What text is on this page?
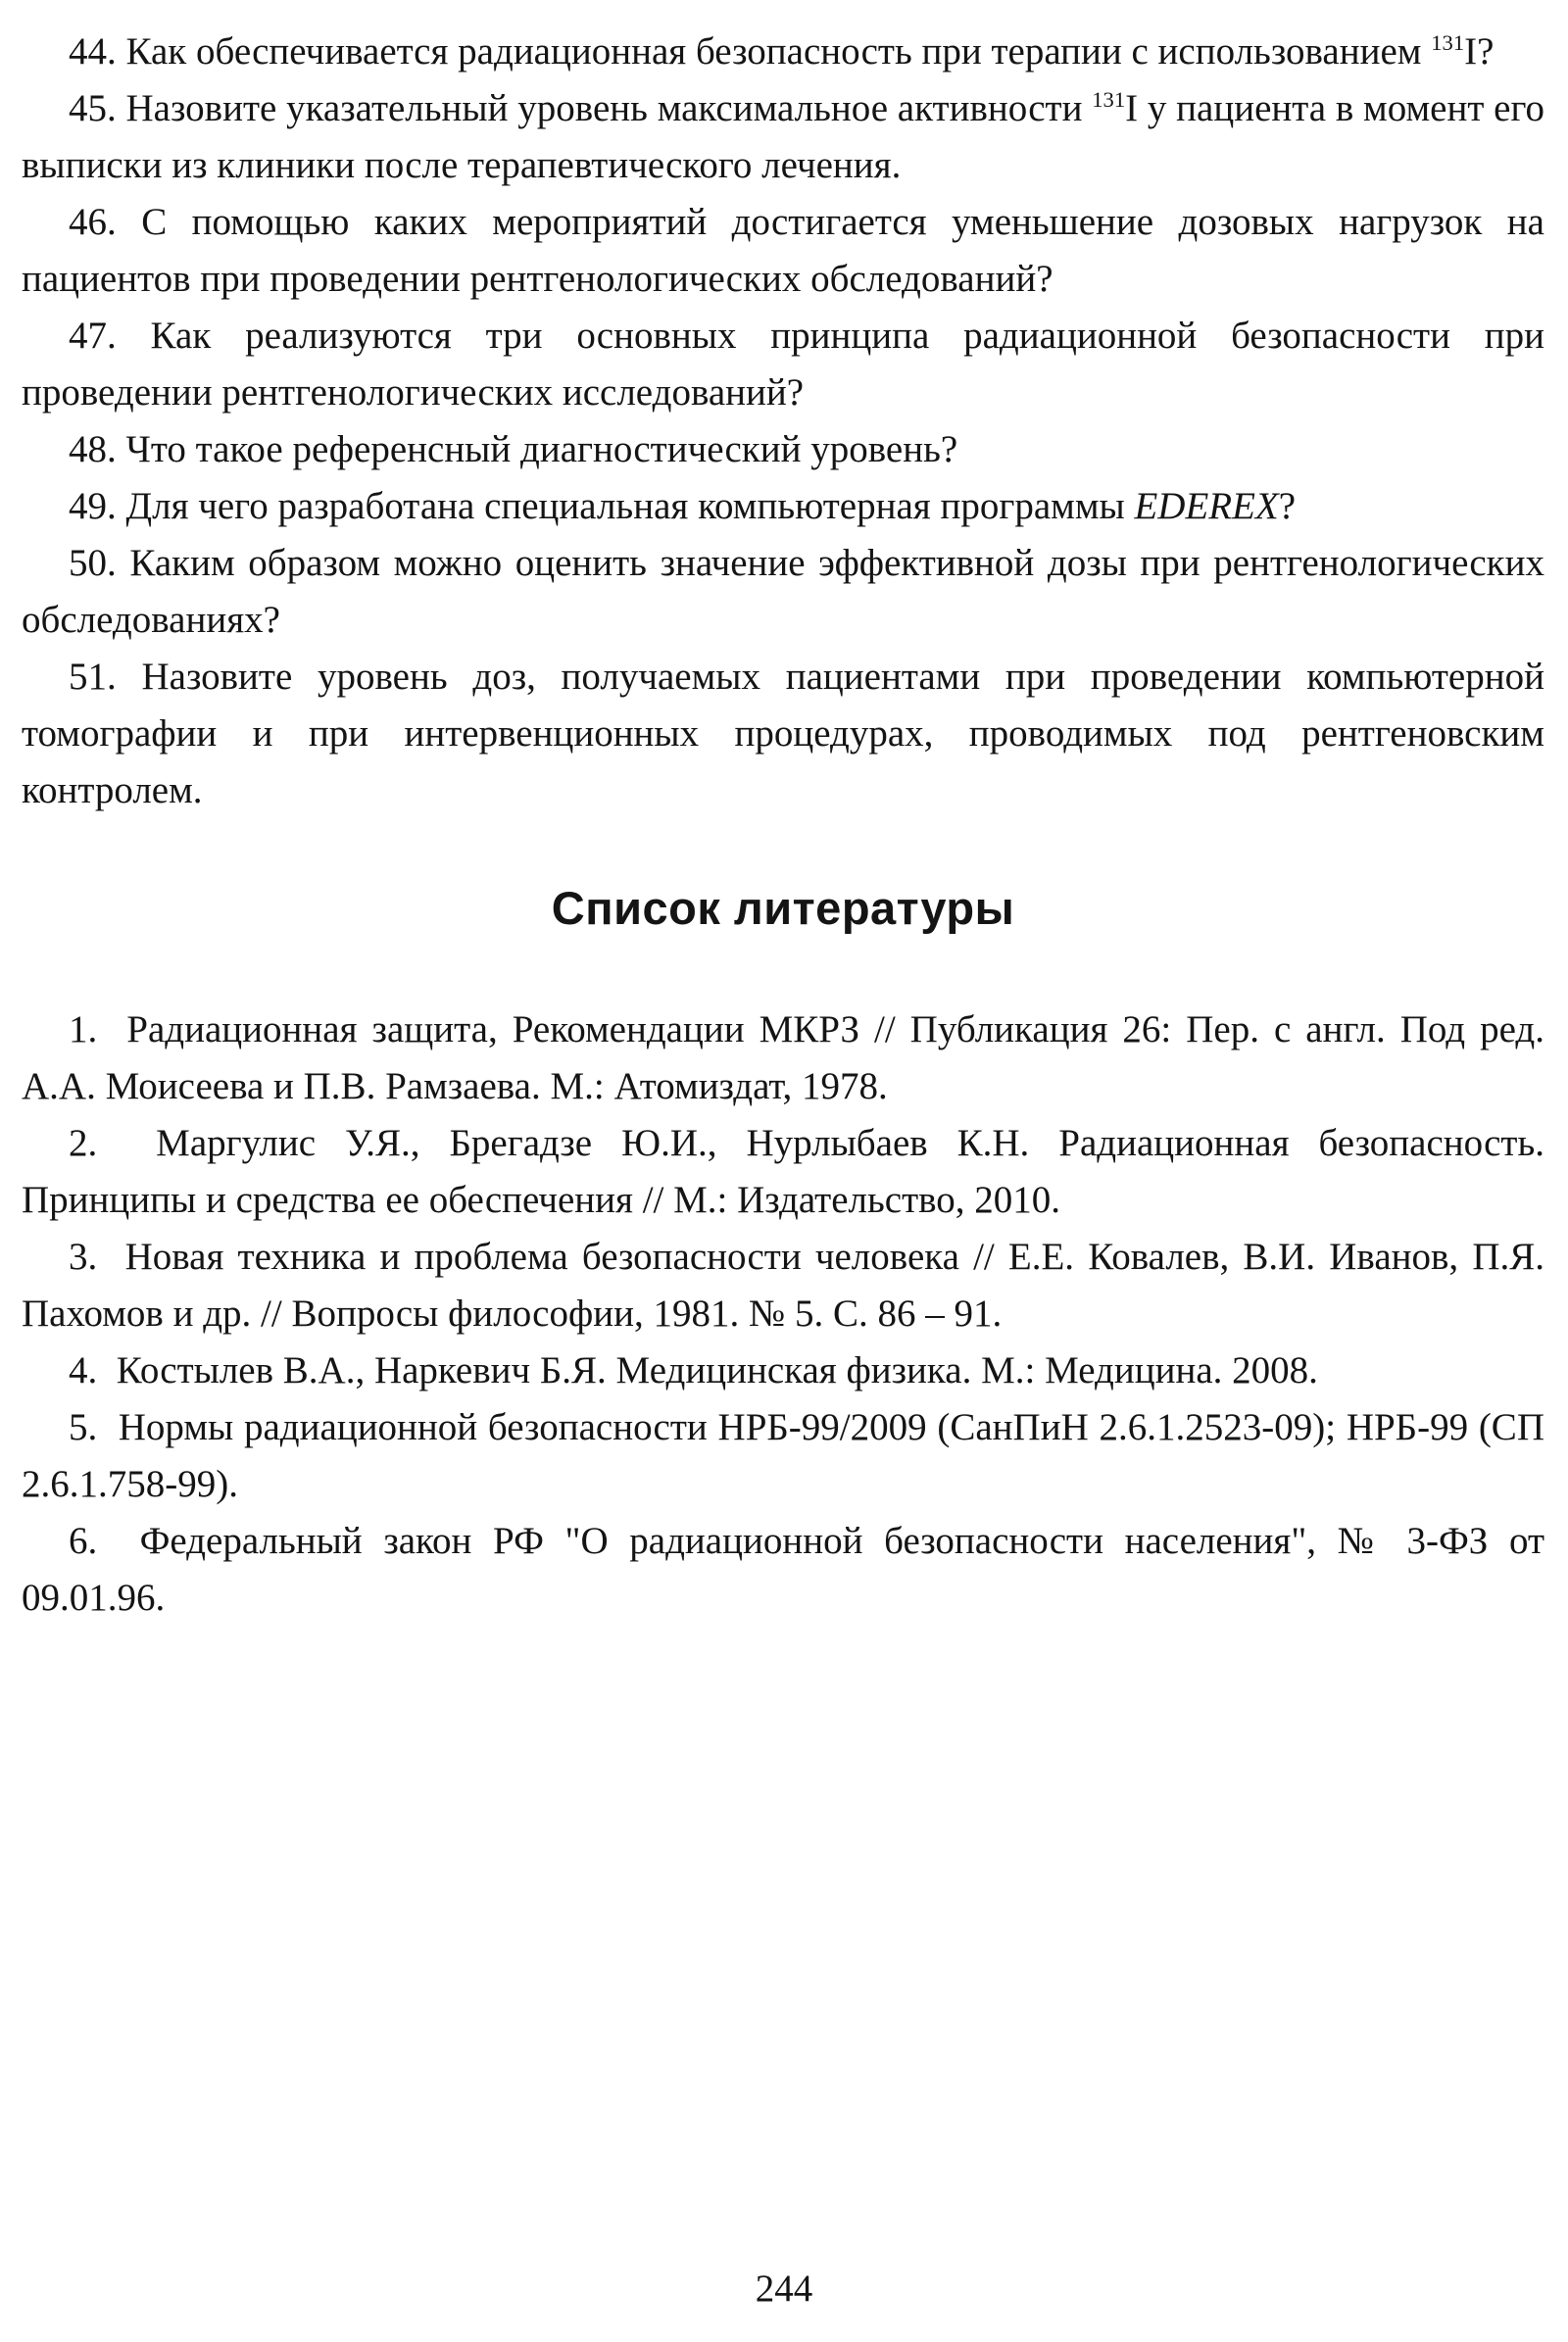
44. Как обеспечивается радиационная безопасность при терапии с использованием $^{131}$I?

45. Назовите указательный уровень максимальное активности $^{131}$I у пациента в момент его выписки из клиники после терапевтического лечения.

46. С помощью каких мероприятий достигается уменьшение дозовых нагрузок на пациентов при проведении рентгенологических обследований?

47. Как реализуются три основных принципа радиационной безопасности при проведении рентгенологических исследований?

48. Что такое референсный диагностический уровень?

49. Для чего разработана специальная компьютерная программы EDEREX?

50. Каким образом можно оценить значение эффективной дозы при рентгенологических обследованиях?

51. Назовите уровень доз, получаемых пациентами при проведении компьютерной томографии и при интервенционных процедурах, проводимых под рентгеновским контролем.

Список литературы

1.  Радиационная защита, Рекомендации МКРЗ // Публикация 26: Пер. с англ. Под ред. А.А. Моисеева и П.В. Рамзаева. М.: Атомиздат, 1978.

2.  Маргулис У.Я., Брегадзе Ю.И., Нурлыбаев К.Н. Радиационная безопасность. Принципы и средства ее обеспечения // М.: Издательство, 2010.

3.  Новая техника и проблема безопасности человека // Е.Е. Ковалев, В.И. Иванов, П.Я. Пахомов и др. // Вопросы философии, 1981. № 5. С. 86 – 91.

4.  Костылев В.А., Наркевич Б.Я. Медицинская физика. М.: Медицина. 2008.

5.  Нормы радиационной безопасности НРБ-99/2009 (СанПиН 2.6.1.2523-09); НРБ-99 (СП 2.6.1.758-99).

6.  Федеральный закон РФ "О радиационной безопасности населения", № 3-ФЗ от 09.01.96.

244
